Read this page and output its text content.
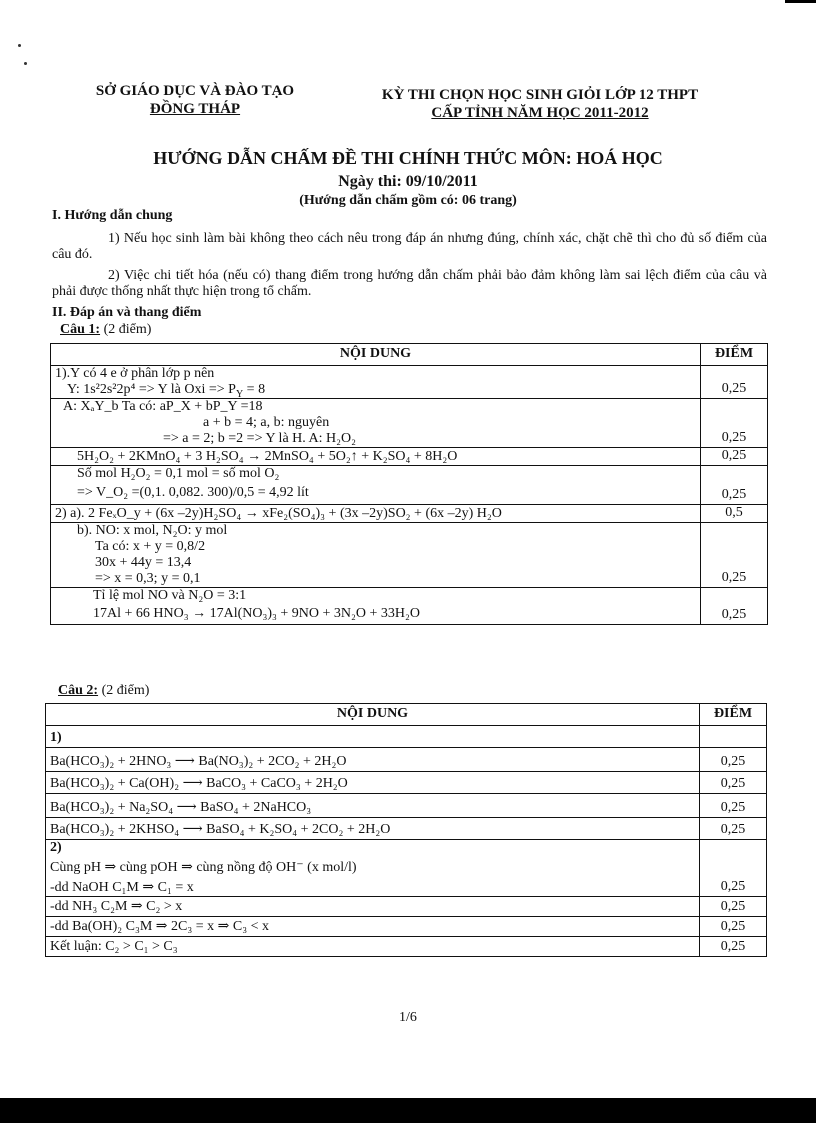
SỞ GIÁO DỤC VÀ ĐÀO TẠO
ĐỒNG THÁP
KỲ THI CHỌN HỌC SINH GIỎI LỚP 12 THPT
CẤP TỈNH NĂM HỌC 2011-2012
HƯỚNG DẪN CHẤM ĐỀ THI CHÍNH THỨC MÔN: HOÁ HỌC
Ngày thi: 09/10/2011
(Hướng dẫn chấm gồm có: 06 trang)
I. Hướng dẫn chung
1) Nếu học sinh làm bài không theo cách nêu trong đáp án nhưng đúng, chính xác, chặt chẽ thì cho đủ số điểm của câu đó.
2) Việc chi tiết hóa (nếu có) thang điểm trong hướng dẫn chấm phải bảo đảm không làm sai lệch điểm của câu và phải được thống nhất thực hiện trong tổ chấm.
II. Đáp án và thang điểm
Câu 1: (2 điểm)
NỘI DUNG	ĐIỂM

1).Y có 4 e ở phân lớp p nên
Y: 1s²2s²2p⁴ => Y là Oxi => $P_Y = 8$	0,25

A: XₐY_b Ta có: aP_X + bP_Y =18
a + b = 4; a, b: nguyên
=> a = 2; b =2 => Y là H. A: H₂O₂	0,25

5H₂O₂ + 2KMnO₄ + 3 H₂SO₄ → 2MnSO₄ + 5O₂↑ + K₂SO₄ + 8H₂O	0,25

Số mol H₂O₂ = 0,1 mol = số mol O₂
=> V_O₂ =(0,1. 0,082. 300)/0,5 = 4,92 lít	0,25

2) a). 2 FeₓO_y + (6x –2y)H₂SO₄ → xFe₂(SO₄)₃ + (3x –2y)SO₂ + (6x –2y) H₂O	0,5

b). NO: x mol, N₂O: y mol
Ta có: x + y = 0,8/2
30x + 44y = 13,4
=> x = 0,3; y = 0,1	0,25

Tỉ lệ mol NO và N₂O = 3:1
17Al + 66 HNO₃ → 17Al(NO₃)₃ + 9NO + 3N₂O + 33H₂O	0,25
Câu 2: (2 điểm)
NỘI DUNG	ĐIỂM
1)	
Ba(HCO₃)₂ + 2HNO₃ ⟶ Ba(NO₃)₂ + 2CO₂ + 2H₂O	0,25
Ba(HCO₃)₂ + Ca(OH)₂ ⟶ BaCO₃ + CaCO₃ + 2H₂O	0,25
Ba(HCO₃)₂ + Na₂SO₄ ⟶ BaSO₄ + 2NaHCO₃	0,25
Ba(HCO₃)₂ + 2KHSO₄ ⟶ BaSO₄ + K₂SO₄ + 2CO₂ + 2H₂O	0,25

2)
Cùng pH ⇒ cùng pOH ⇒ cùng nồng độ OH⁻ (x mol/l)
-dd NaOH C₁M ⇒ C₁ = x	0,25
-dd NH₃ C₂M ⇒ C₂ > x	0,25
-dd Ba(OH)₂ C₃M ⇒ 2C₃ = x ⇒ C₃ < x	0,25
Kết luận: C₂ > C₁ > C₃	0,25
1/6
